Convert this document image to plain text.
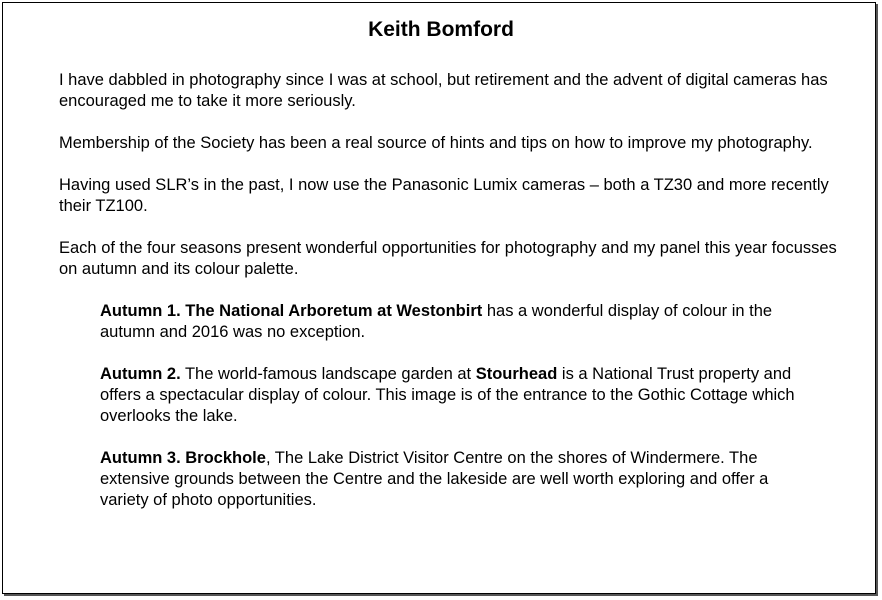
Keith Bomford

I have dabbled in photography since I was at school, but retirement and the advent of digital cameras has encouraged me to take it more seriously.

Membership of the Society has been a real source of hints and tips on how to improve my photography.

Having used SLR’s in the past, I now use the Panasonic Lumix cameras – both a TZ30 and more recently their TZ100.

Each of the four seasons present wonderful opportunities for photography and my panel this year focusses on autumn and its colour palette.

Autumn 1. The National Arboretum at Westonbirt has a wonderful display of colour in the autumn and 2016 was no exception.

Autumn 2. The world-famous landscape garden at Stourhead is a National Trust property and offers a spectacular display of colour. This image is of the entrance to the Gothic Cottage which overlooks the lake.

Autumn 3. Brockhole, The Lake District Visitor Centre on the shores of Windermere. The extensive grounds between the Centre and the lakeside are well worth exploring and offer a variety of photo opportunities.
